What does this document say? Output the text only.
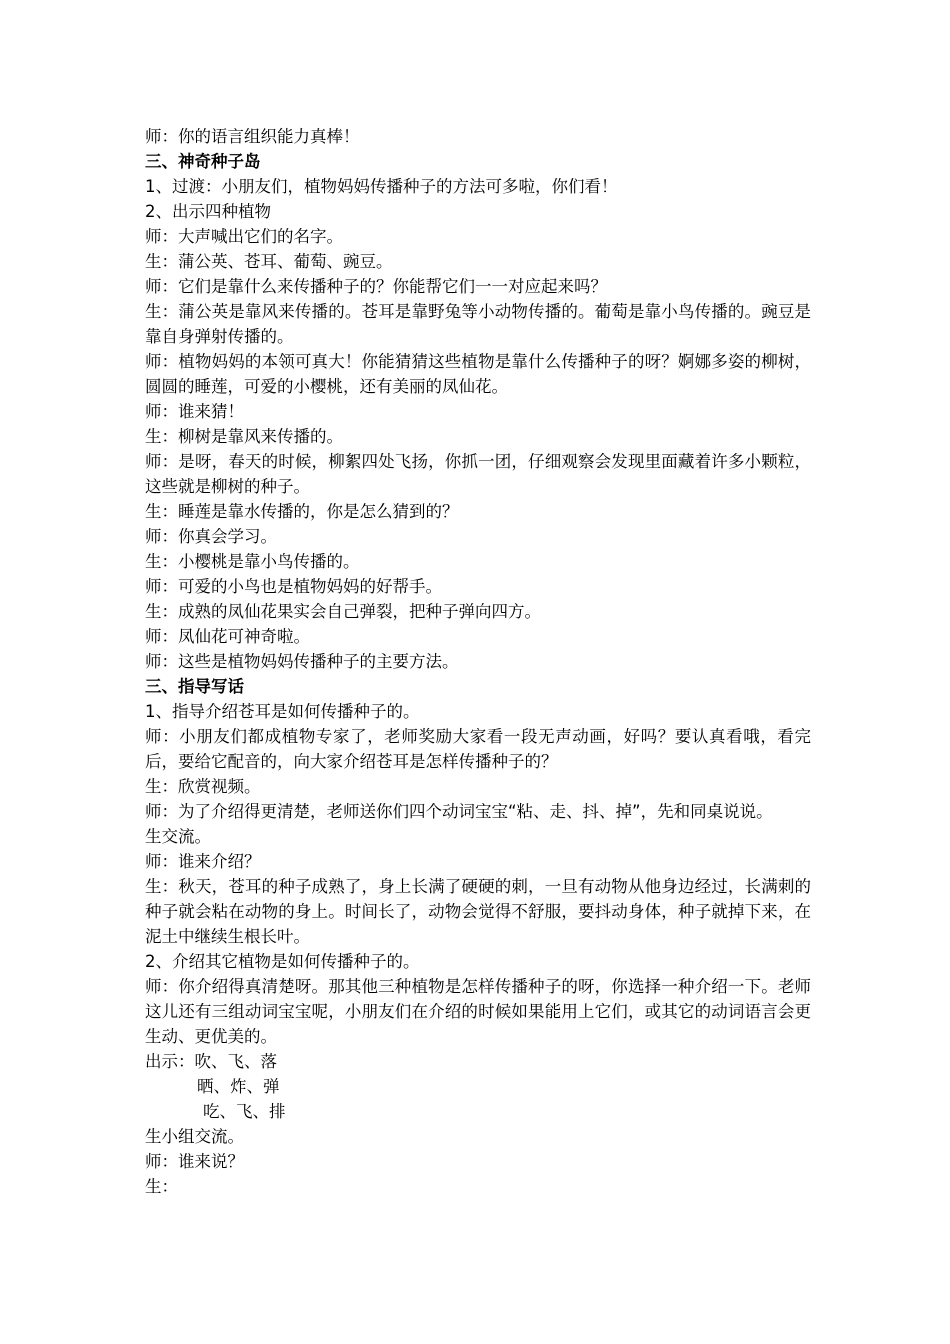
师：你的语言组织能力真棒！

三、神奇种子岛

1、过渡：小朋友们，植物妈妈传播种子的方法可多啦，你们看！

2、出示四种植物

师：大声喊出它们的名字。

生：蒲公英、苍耳、葡萄、豌豆。

师：它们是靠什么来传播种子的？你能帮它们一一对应起来吗？

生：蒲公英是靠风来传播的。苍耳是靠野兔等小动物传播的。葡萄是靠小鸟传播的。豌豆是靠自身弹射传播的。

师：植物妈妈的本领可真大！你能猜猜这些植物是靠什么传播种子的呀？婀娜多姿的柳树，圆圆的睡莲，可爱的小樱桃，还有美丽的凤仙花。

师：谁来猜！

生：柳树是靠风来传播的。

师：是呀，春天的时候，柳絮四处飞扬，你抓一团，仔细观察会发现里面藏着许多小颗粒，这些就是柳树的种子。

生：睡莲是靠水传播的，你是怎么猜到的？

师：你真会学习。

生：小樱桃是靠小鸟传播的。

师：可爱的小鸟也是植物妈妈的好帮手。

生：成熟的凤仙花果实会自己弹裂，把种子弹向四方。

师：凤仙花可神奇啦。

师：这些是植物妈妈传播种子的主要方法。

三、指导写话

1、指导介绍苍耳是如何传播种子的。

师：小朋友们都成植物专家了，老师奖励大家看一段无声动画，好吗？要认真看哦，看完后，要给它配音的，向大家介绍苍耳是怎样传播种子的？

生：欣赏视频。

师：为了介绍得更清楚，老师送你们四个动词宝宝“粘、走、抖、掉”，先和同桌说说。

生交流。

师：谁来介绍？

生：秋天，苍耳的种子成熟了，身上长满了硬硬的刺，一旦有动物从他身边经过，长满刺的种子就会粘在动物的身上。时间长了，动物会觉得不舒服，要抖动身体，种子就掉下来，在泥土中继续生根长叶。

2、介绍其它植物是如何传播种子的。

师：你介绍得真清楚呀。那其他三种植物是怎样传播种子的呀，你选择一种介绍一下。老师这儿还有三组动词宝宝呢，小朋友们在介绍的时候如果能用上它们，或其它的动词语言会更生动、更优美的。

出示：吹、飞、落

晒、炸、弹

吃、飞、排

生小组交流。

师：谁来说？

生：
